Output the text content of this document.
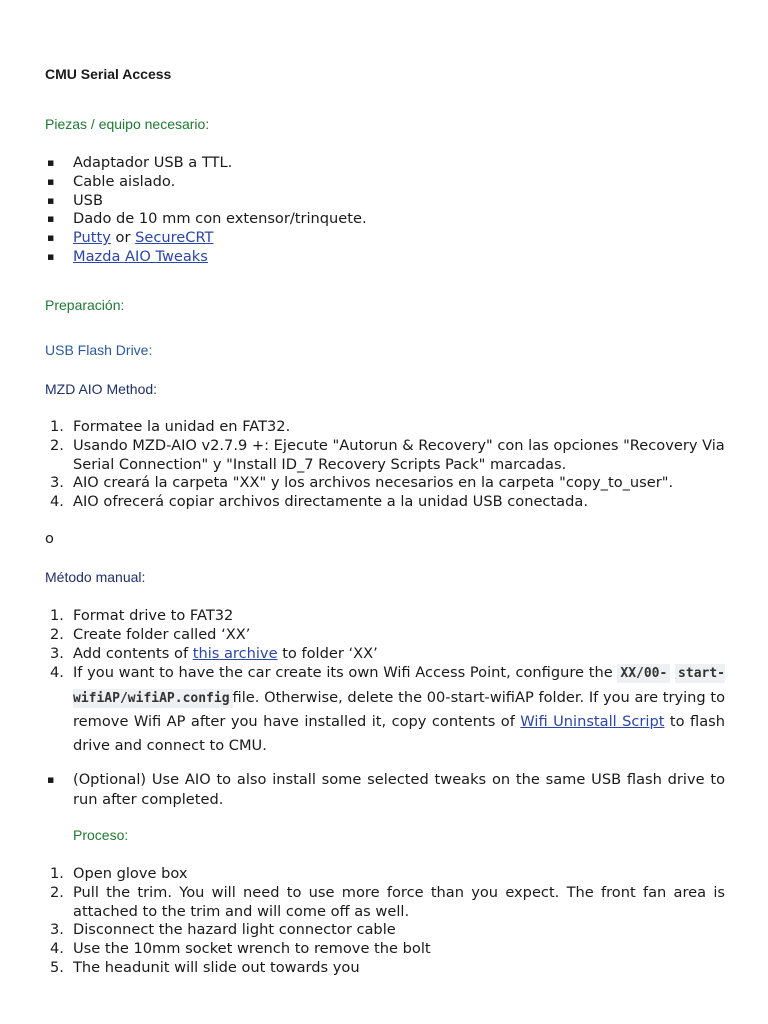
CMU Serial Access
Piezas / equipo necesario:
▪ Adaptador USB a TTL.
▪ Cable aislado.
▪ USB
▪ Dado de 10 mm con extensor/trinquete.
▪ Putty or SecureCRT
▪ Mazda AIO Tweaks
Preparación:
USB Flash Drive:
MZD AIO Method:
1. Formatee la unidad en FAT32.
2. Usando MZD-AIO v2.7.9 +: Ejecute "Autorun & Recovery" con las opciones "Recovery Via Serial Connection" y "Install ID_7 Recovery Scripts Pack" marcadas.
3. AIO creará la carpeta "XX" y los archivos necesarios en la carpeta "copy_to_user".
4. AIO ofrecerá copiar archivos directamente a la unidad USB conectada.
o
Método manual:
1. Format drive to FAT32
2. Create folder called ‘XX’
3. Add contents of this archive to folder ‘XX’
4. If you want to have the car create its own Wifi Access Point, configure the XX/00- start-wifiAP/wifiAP.config file. Otherwise, delete the 00-start-wifiAP folder. If you are trying to remove Wifi AP after you have installed it, copy contents of Wifi Uninstall Script to flash drive and connect to CMU.
▪ (Optional) Use AIO to also install some selected tweaks on the same USB flash drive to run after completed.
Proceso:
1. Open glove box
2. Pull the trim. You will need to use more force than you expect. The front fan area is attached to the trim and will come off as well.
3. Disconnect the hazard light connector cable
4. Use the 10mm socket wrench to remove the bolt
5. The headunit will slide out towards you
